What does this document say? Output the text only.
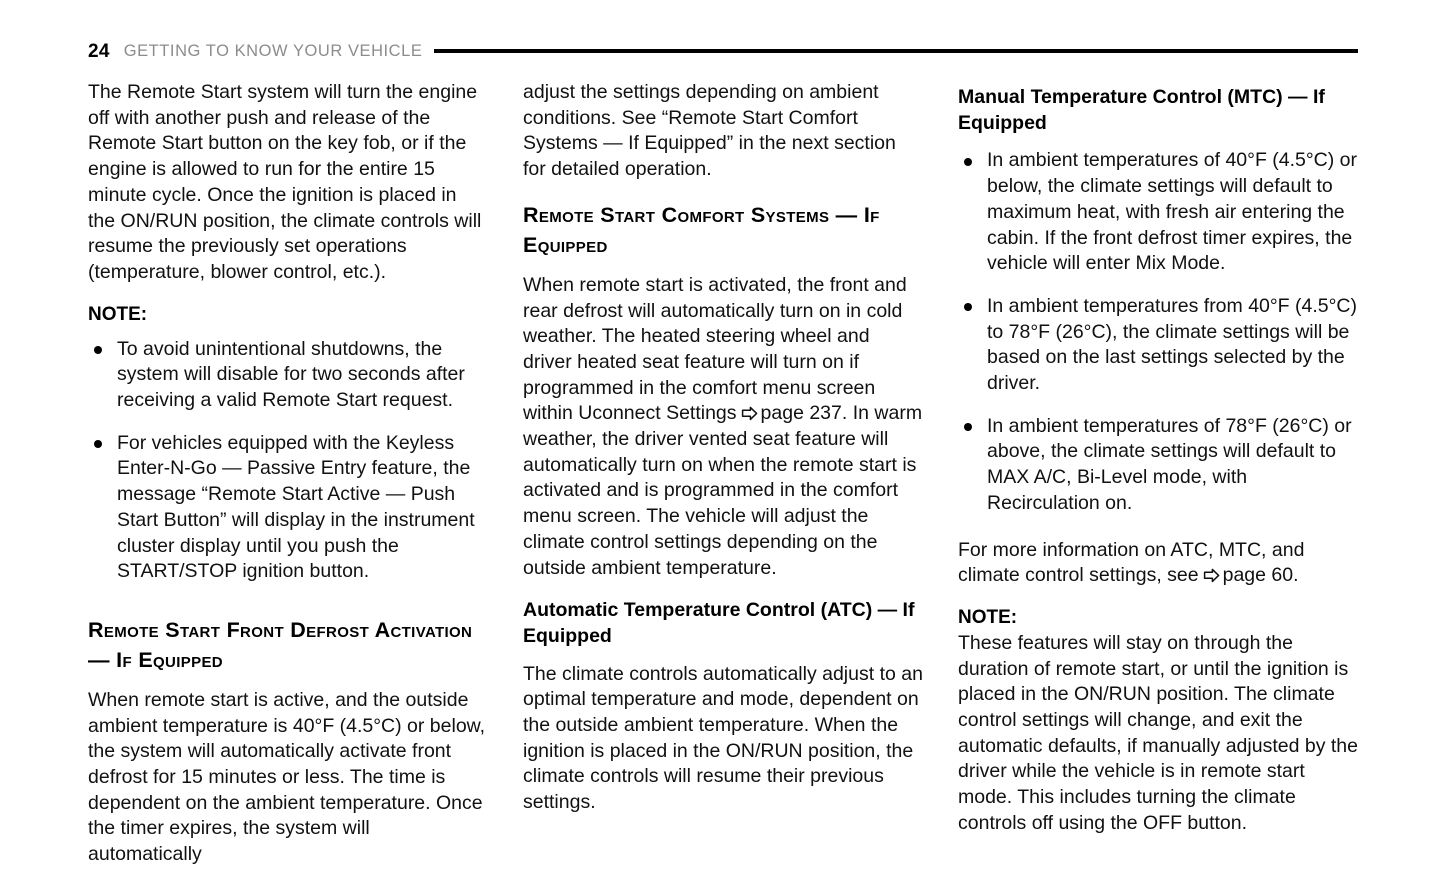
24 GETTING TO KNOW YOUR VEHICLE

The Remote Start system will turn the engine off with another push and release of the Remote Start button on the key fob, or if the engine is allowed to run for the entire 15 minute cycle. Once the ignition is placed in the ON/RUN position, the climate controls will resume the previously set operations (temperature, blower control, etc.).

NOTE:
To avoid unintentional shutdowns, the system will disable for two seconds after receiving a valid Remote Start request.
For vehicles equipped with the Keyless Enter-N-Go — Passive Entry feature, the message “Remote Start Active — Push Start Button” will display in the instrument cluster display until you push the START/STOP ignition button.
Remote Start Front Defrost Activation — If Equipped

When remote start is active, and the outside ambient temperature is 40°F (4.5°C) or below, the system will automatically activate front defrost for 15 minutes or less. The time is dependent on the ambient temperature. Once the timer expires, the system will automatically

adjust the settings depending on ambient conditions. See “Remote Start Comfort Systems — If Equipped” in the next section for detailed operation.

Remote Start Comfort Systems — If Equipped

When remote start is activated, the front and rear defrost will automatically turn on in cold weather. The heated steering wheel and driver heated seat feature will turn on if programmed in the comfort menu screen within Uconnect Settings page 237. In warm weather, the driver vented seat feature will automatically turn on when the remote start is activated and is programmed in the comfort menu screen. The vehicle will adjust the climate control settings depending on the outside ambient temperature.

Automatic Temperature Control (ATC) — If Equipped

The climate controls automatically adjust to an optimal temperature and mode, dependent on the outside ambient temperature. When the ignition is placed in the ON/RUN position, the climate controls will resume their previous settings.

Manual Temperature Control (MTC) — If Equipped
In ambient temperatures of 40°F (4.5°C) or below, the climate settings will default to maximum heat, with fresh air entering the cabin. If the front defrost timer expires, the vehicle will enter Mix Mode.
In ambient temperatures from 40°F (4.5°C) to 78°F (26°C), the climate settings will be based on the last settings selected by the driver.
In ambient temperatures of 78°F (26°C) or above, the climate settings will default to MAX A/C, Bi-Level mode, with Recirculation on.

For more information on ATC, MTC, and climate control settings, see page 60.

NOTE:

These features will stay on through the duration of remote start, or until the ignition is placed in the ON/RUN position. The climate control settings will change, and exit the automatic defaults, if manually adjusted by the driver while the vehicle is in remote start mode. This includes turning the climate controls off using the OFF button.
